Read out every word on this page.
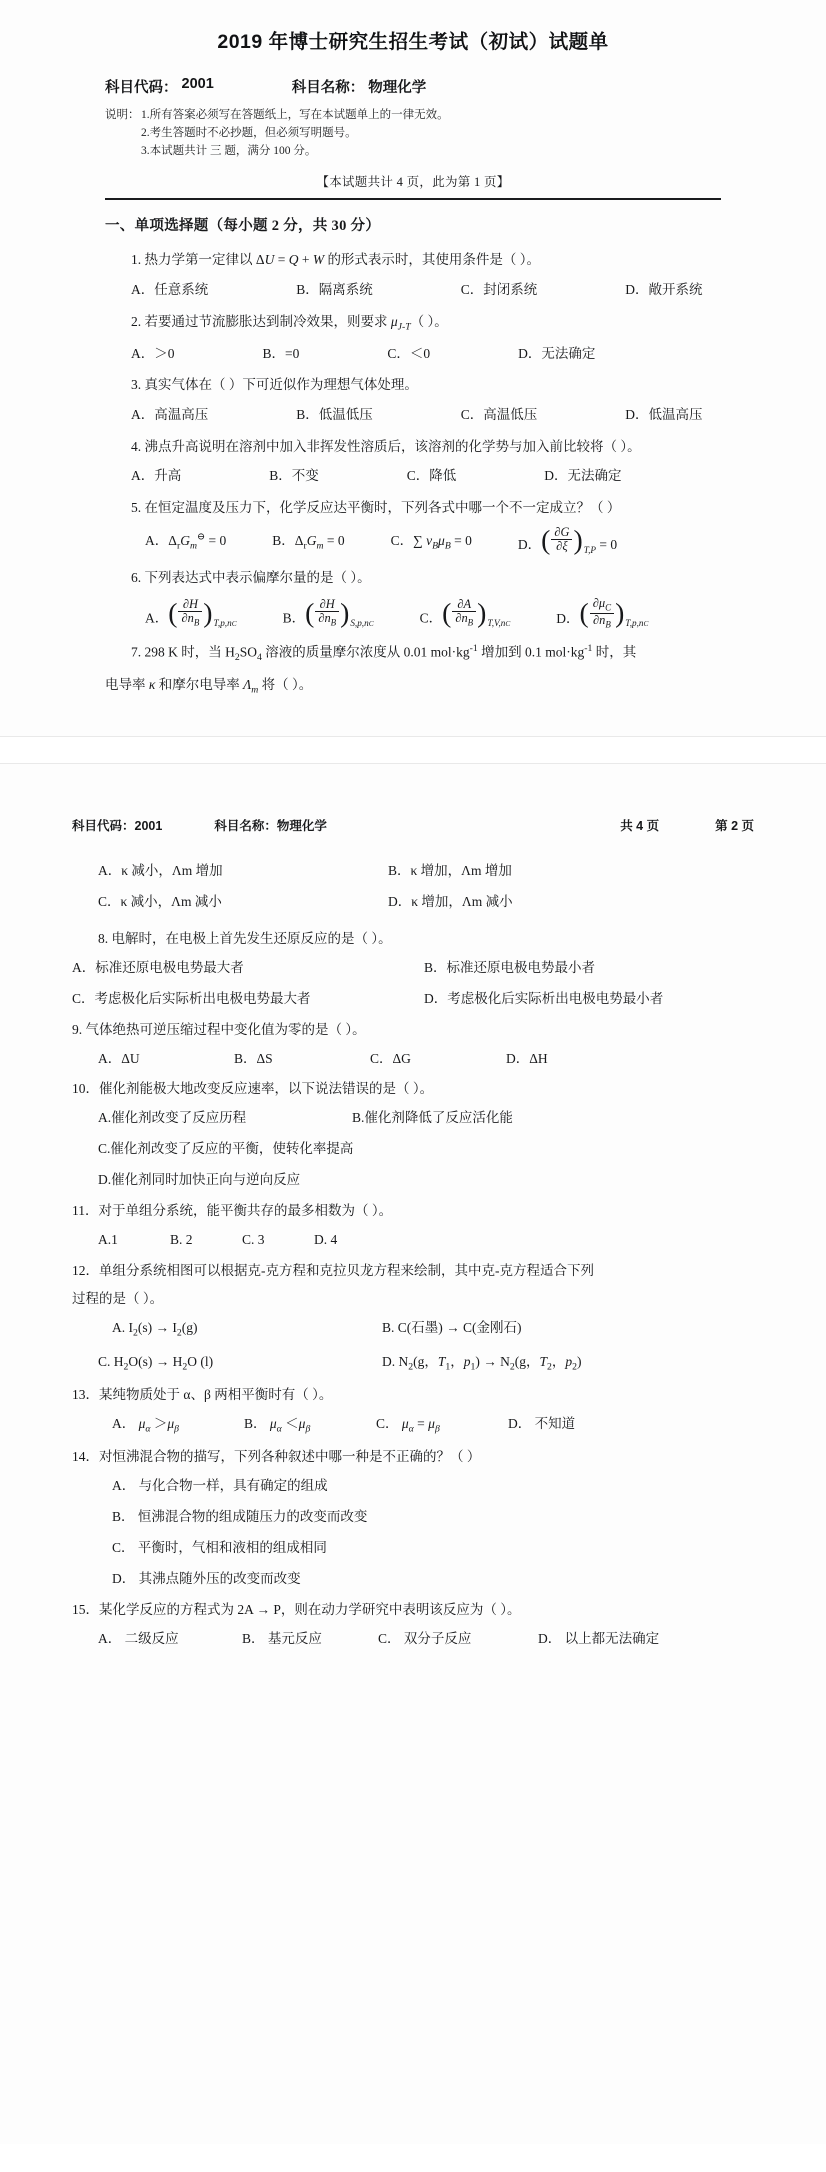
2019 年博士研究生招生考试（初试）试题单
科目代码： 2001	科目名称： 物理化学
说明： 1.所有答案必须写在答题纸上，写在本试题单上的一律无效。
2.考生答题时不必抄题，但必须写明题号。
3.本试题共计 三 题，满分 100 分。
【本试题共计 4 页，此为第 1 页】
一、单项选择题（每小题 2 分，共 30 分）
1. 热力学第一定律以 ΔU = Q + W 的形式表示时，其使用条件是（ ）。
A．任意系统	B．隔离系统	C．封闭系统	D．敞开系统
2. 若要通过节流膨胀达到制冷效果，则要求 $\mu_{J-T}$（ ）。
A．＞0	B．=0	C．＜0	D．无法确定
3. 真实气体在（ ）下可近似作为理想气体处理。
A．高温高压	B．低温低压	C．高温低压	D．低温高压
4. 沸点升高说明在溶剂中加入非挥发性溶质后，该溶剂的化学势与加入前比较将（ ）。
A．升高	B．不变	C．降低	D．无法确定
5. 在恒定温度及压力下，化学反应达平衡时，下列各式中哪一个不一定成立？（ ）
A．$\Delta_rG_m^⊖ = 0$	B．$\Delta_rG_m = 0$	C．∑ $\nu_B\mu_B = 0$	D． ( $\frac{\partial G}{\partial\xi}$ ) $_{T,P}$ = 0
6. 下列表达式中表示偏摩尔量的是（ ）。
A． ( $\frac{\partial H}{\partial n_B}$ ) $_{T,p,nC}$	B． ( $\frac{\partial H}{\partial n_B}$ ) $_{S,p,nC}$	C． ( $\frac{\partial A}{\partial n_B}$ ) $_{T,V,nC}$	D． ( $\frac{\partial\mu_C}{\partial n_B}$ ) $_{T,p,nC}$
7. 298 K 时，当 $H_2SO_4$ 溶液的质量摩尔浓度从 0.01 $mol\cdot kg^{-1}$ 增加到 0.1 $mol\cdot kg^{-1}$ 时，其
电导率 κ 和摩尔电导率 $\Lambda_m$ 将（ ）。
科目代码：2001	科目名称：物理化学	共 4 页	第 2 页
A．κ 减小，Λm 增加	B．κ 增加，Λm 增加
C．κ 减小，Λm 减小	D．κ 增加，Λm 减小
8. 电解时，在电极上首先发生还原反应的是（ ）。
A．标准还原电极电势最大者	B．标准还原电极电势最小者
C．考虑极化后实际析出电极电势最大者	D．考虑极化后实际析出电极电势最小者
9. 气体绝热可逆压缩过程中变化值为零的是（ ）。
A．ΔU	B．ΔS	C．ΔG	D．ΔH
10．催化剂能极大地改变反应速率，以下说法错误的是（ ）。
A.催化剂改变了反应历程	B.催化剂降低了反应活化能
C.催化剂改变了反应的平衡，使转化率提高
D.催化剂同时加快正向与逆向反应
11．对于单组分系统，能平衡共存的最多相数为（ ）。
A.1	B. 2	C. 3	D. 4
12．单组分系统相图可以根据克-克方程和克拉贝龙方程来绘制，其中克-克方程适合下列
过程的是（ ）。
A. $I_2(s) \to I_2(g)$	B. C(石墨) → C(金刚石)
C. $H_2O(s) \to H_2O$ (l)	D. $N_2(g$，$T_1$，$p_1) \to N_2(g$，$T_2$，$p_2$)
13．某纯物质处于 α、β 两相平衡时有（ ）。
A． $\mu_\alpha >\mu_\beta$	B． $\mu_\alpha <\mu_\beta$	C． $\mu_\alpha = \mu_\beta$	D． 不知道
14．对恒沸混合物的描写，下列各种叙述中哪一种是不正确的？（ ）
A． 与化合物一样，具有确定的组成
B． 恒沸混合物的组成随压力的改变而改变
C． 平衡时，气相和液相的组成相同
D． 其沸点随外压的改变而改变
15．某化学反应的方程式为 2A → P，则在动力学研究中表明该反应为（ ）。
A． 二级反应	B． 基元反应	C． 双分子反应	D． 以上都无法确定
